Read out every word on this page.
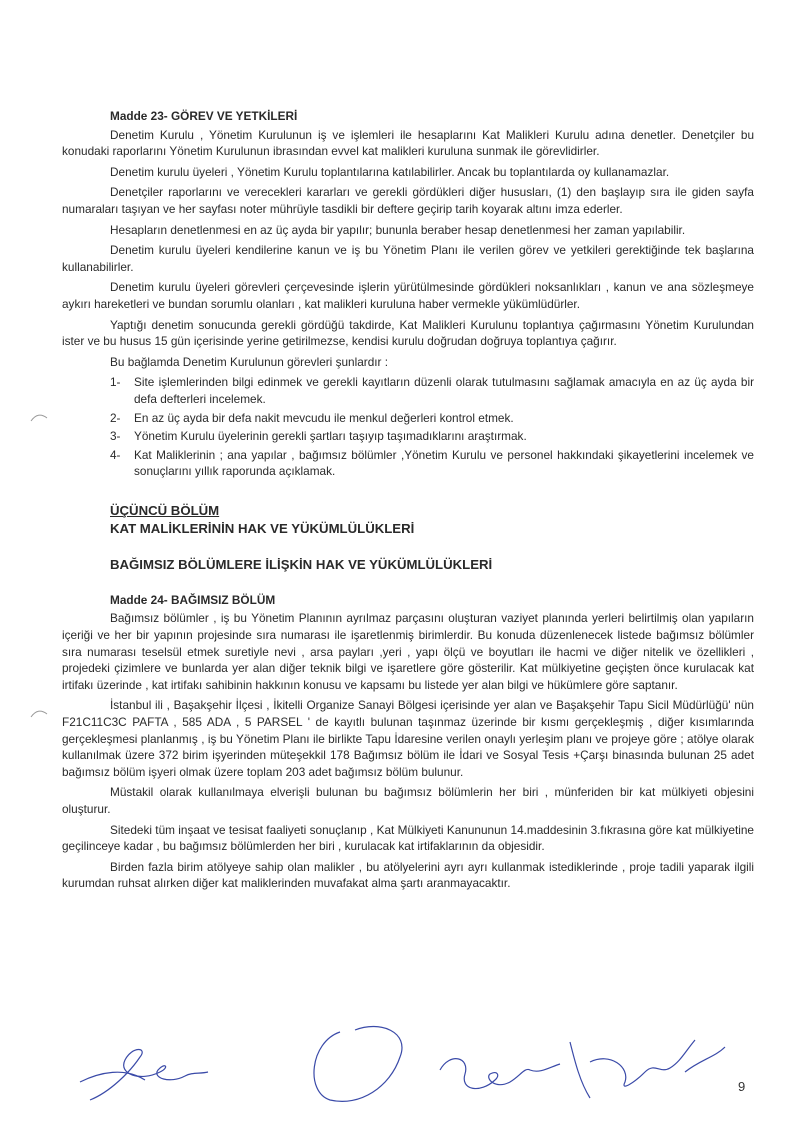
Madde 23- GÖREV VE YETKİLERİ

Denetim Kurulu , Yönetim Kurulunun iş ve işlemleri ile hesaplarını Kat Malikleri Kurulu adına denetler. Denetçiler bu konudaki raporlarını Yönetim Kurulunun ibrasından evvel kat malikleri kuruluna sunmak ile görevlidirler.

Denetim kurulu üyeleri , Yönetim Kurulu toplantılarına katılabilirler. Ancak bu toplantılarda oy kullanamazlar.

Denetçiler raporlarını ve verecekleri kararları ve gerekli gördükleri diğer hususları, (1) den başlayıp sıra ile giden sayfa numaraları taşıyan ve her sayfası noter mührüyle tasdikli bir deftere geçirip tarih koyarak altını imza ederler.

Hesapların denetlenmesi en az üç ayda bir yapılır; bununla beraber hesap denetlenmesi her zaman yapılabilir.

Denetim kurulu üyeleri kendilerine kanun ve iş bu Yönetim Planı ile verilen görev ve yetkileri gerektiğinde tek başlarına kullanabilirler.

Denetim kurulu üyeleri görevleri çerçevesinde işlerin yürütülmesinde gördükleri noksanlıkları , kanun ve ana sözleşmeye aykırı hareketleri ve bundan sorumlu olanları , kat malikleri kuruluna haber vermekle yükümlüdürler.

Yaptığı denetim sonucunda gerekli gördüğü takdirde, Kat Malikleri Kurulunu toplantıya çağırmasını Yönetim Kurulundan ister ve bu husus 15 gün içerisinde yerine getirilmezse, kendisi kurulu doğrudan doğruya toplantıya çağırır.

Bu bağlamda Denetim Kurulunun görevleri şunlardır :

1- Site işlemlerinden bilgi edinmek ve gerekli kayıtların düzenli olarak tutulmasını sağlamak amacıyla en az üç ayda bir defa defterleri incelemek.
2- En az üç ayda bir defa nakit mevcudu ile menkul değerleri kontrol etmek.
3- Yönetim Kurulu üyelerinin gerekli şartları taşıyıp taşımadıklarını araştırmak.
4- Kat Maliklerinin ; ana yapılar , bağımsız bölümler ,Yönetim Kurulu ve personel hakkındaki şikayetlerini incelemek ve sonuçlarını yıllık raporunda açıklamak.
ÜÇÜNCÜ BÖLÜM
KAT MALİKLERİNİN HAK VE YÜKÜMLÜLÜKLERİ
BAĞIMSIZ BÖLÜMLERE İLİŞKİN HAK VE YÜKÜMLÜLÜKLERİ
Madde 24- BAĞIMSIZ BÖLÜM

Bağımsız bölümler , iş bu Yönetim Planının ayrılmaz parçasını oluşturan vaziyet planında yerleri belirtilmiş olan yapıların içeriği ve her bir yapının projesinde sıra numarası ile işaretlenmiş birimlerdir. Bu konuda düzenlenecek listede bağımsız bölümler sıra numarası teselsül etmek suretiyle nevi , arsa payları ,yeri , yapı ölçü ve boyutları ile hacmi ve diğer nitelik ve özellikleri , projedeki çizimlere ve bunlarda yer alan diğer teknik bilgi ve işaretlere göre gösterilir. Kat mülkiyetine geçişten önce kurulacak kat irtifakı üzerinde , kat irtifakı sahibinin hakkının konusu ve kapsamı bu listede yer alan bilgi ve hükümlere göre saptanır.

İstanbul ili , Başakşehir İlçesi , İkitelli Organize Sanayi Bölgesi içerisinde yer alan ve Başakşehir Tapu Sicil Müdürlüğü' nün F21C11C3C PAFTA , 585 ADA , 5 PARSEL ' de kayıtlı bulunan taşınmaz üzerinde bir kısmı gerçekleşmiş , diğer kısımlarında gerçekleşmesi planlanmış , iş bu Yönetim Planı ile birlikte Tapu İdaresine verilen onaylı yerleşim planı ve projeye göre ; atölye olarak kullanılmak üzere 372 birim işyerinden müteşekkil 178 Bağımsız bölüm ile İdari ve Sosyal Tesis +Çarşı binasında bulunan 25 adet bağımsız bölüm işyeri olmak üzere toplam 203 adet bağımsız bölüm bulunur.

Müstakil olarak kullanılmaya elverişli bulunan bu bağımsız bölümlerin her biri , münferiden bir kat mülkiyeti objesini oluşturur.

Sitedeki tüm inşaat ve tesisat faaliyeti sonuçlanıp , Kat Mülkiyeti Kanununun 14.maddesinin 3.fıkrasına göre kat mülkiyetine geçilinceye kadar , bu bağımsız bölümlerden her biri , kurulacak kat irtifaklarının da objesidir.

Birden fazla birim atölyeye sahip olan malikler , bu atölyelerini ayrı ayrı kullanmak istediklerinde , proje tadili yaparak ilgili kurumdan ruhsat alırken diğer kat maliklerinden muvafakat alma şartı aranmayacaktır.

9
